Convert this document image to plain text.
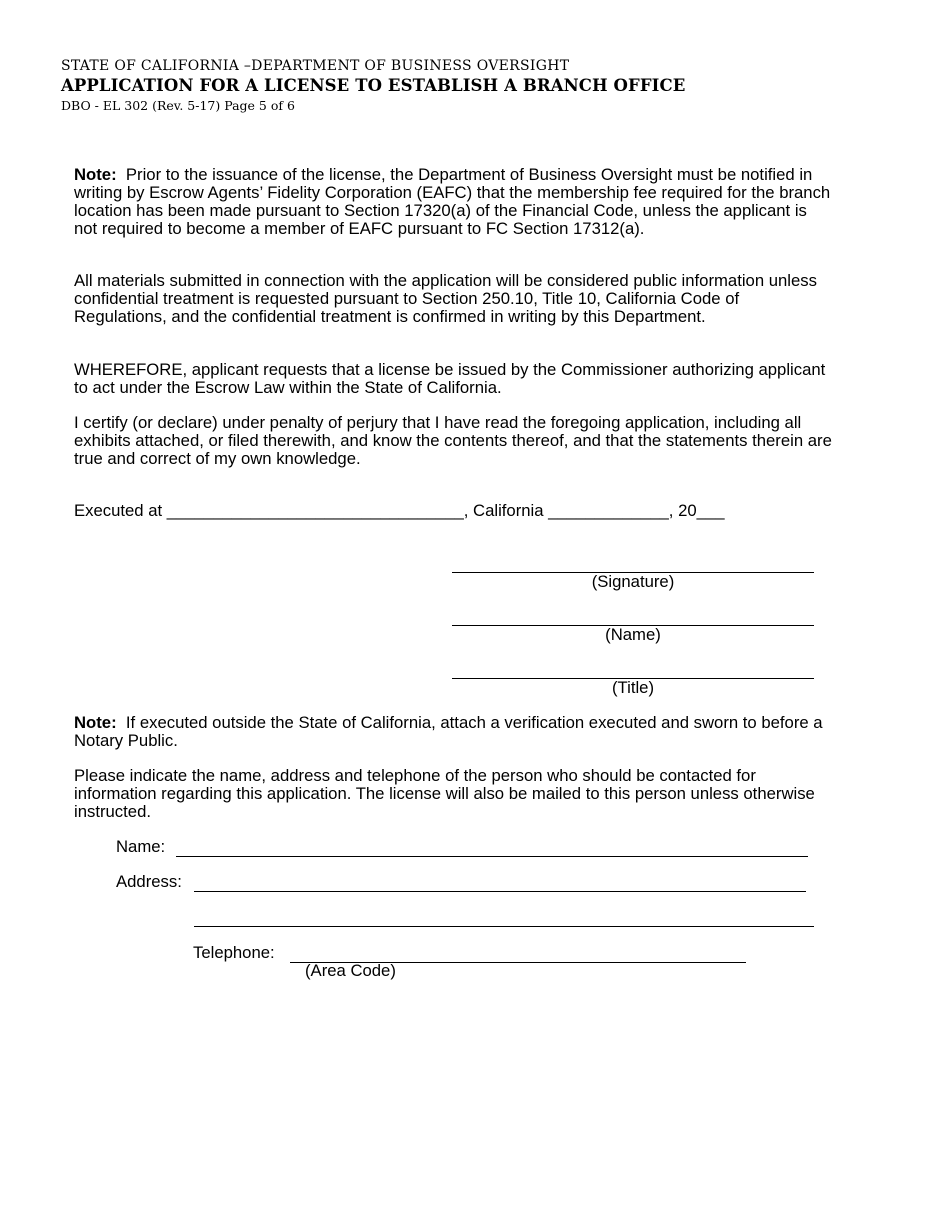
STATE OF CALIFORNIA –DEPARTMENT OF BUSINESS OVERSIGHT
APPLICATION FOR A LICENSE TO ESTABLISH A BRANCH OFFICE
DBO - EL 302 (Rev. 5-17) Page 5 of 6
Note:  Prior to the issuance of the license, the Department of Business Oversight must be notified in writing by Escrow Agents’ Fidelity Corporation (EAFC) that the membership fee required for the branch location has been made pursuant to Section 17320(a) of the Financial Code, unless the applicant is not required to become a member of EAFC pursuant to FC Section 17312(a).
All materials submitted in connection with the application will be considered public information unless confidential treatment is requested pursuant to Section 250.10, Title 10, California Code of Regulations, and the confidential treatment is confirmed in writing by this Department.
WHEREFORE, applicant requests that a license be issued by the Commissioner authorizing applicant to act under the Escrow Law within the State of California.
I certify (or declare) under penalty of perjury that I have read the foregoing application, including all exhibits attached, or filed therewith, and know the contents thereof, and that the statements therein are true and correct of my own knowledge.
Executed at ________________________________, California _____________, 20___
(Signature)
(Name)
(Title)
Note:  If executed outside the State of California, attach a verification executed and sworn to before a Notary Public.
Please indicate the name, address and telephone of the person who should be contacted for information regarding this application. The license will also be mailed to this person unless otherwise instructed.
Name:
Address:
Telephone:
(Area Code)
